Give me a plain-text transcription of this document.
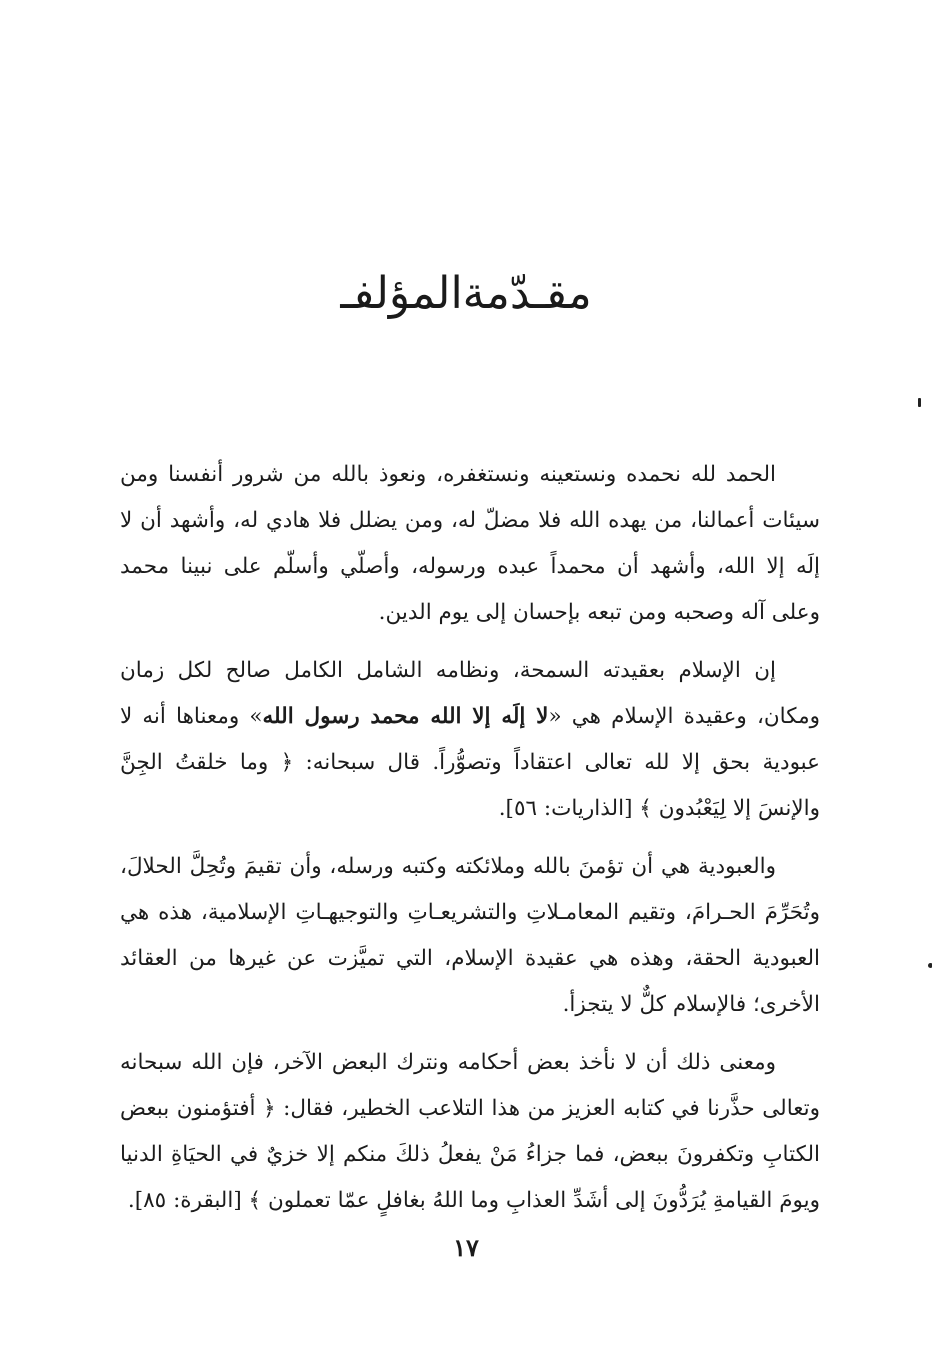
مقـدّمةالمؤلفـ

الحمد لله نحمده ونستعينه ونستغفره، ونعوذ بالله من شرور أنفسنا ومن سيئات أعمالنا، من يهده الله فلا مضلّ له، ومن يضلل فلا هادي له، وأشهد أن لا إلَه إلا الله، وأشهد أن محمداً عبده ورسوله، وأصلّي وأسلّم على نبينا محمد وعلى آله وصحبه ومن تبعه بإحسان إلى يوم الدين.

إن الإسلام بعقيدته السمحة، ونظامه الشامل الكامل صالح لكل زمان ومكان، وعقيدة الإسلام هي «لا إلَه إلا الله محمد رسول الله» ومعناها أنه لا عبودية بحق إلا لله تعالى اعتقاداً وتصوُّراً. قال سبحانه: ﴿ وما خلقتُ الجِنَّ والإنسَ إلا لِيَعْبُدون ﴾ [الذاريات: ٥٦].

والعبودية هي أن تؤمنَ بالله وملائكته وكتبه ورسله، وأن تقيمَ وتُحِلَّ الحلالَ، وتُحَرِّمَ الحـرامَ، وتقيم المعامـلاتِ والتشريعـاتِ والتوجيهـاتِ الإسلامية، هذه هي العبودية الحقة، وهذه هي عقيدة الإسلام، التي تميَّزت عن غيرها من العقائد الأخرى؛ فالإسلام كلٌّ لا يتجزأ.

ومعنى ذلك أن لا نأخذ بعض أحكامه ونترك البعض الآخر، فإن الله سبحانه وتعالى حذَّرنا في كتابه العزيز من هذا التلاعب الخطير، فقال: ﴿ أفتؤمنون ببعض الكتابِ وتكفرونَ ببعض، فما جزاءُ مَنْ يفعلُ ذلكَ منكم إلا خزيٌ في الحيَاةِ الدنيا ويومَ القيامةِ يُرَدُّونَ إلى أشَدِّ العذابِ وما اللهُ بغافلٍ عمّا تعملون ﴾ [البقرة: ٨٥].

١٧
